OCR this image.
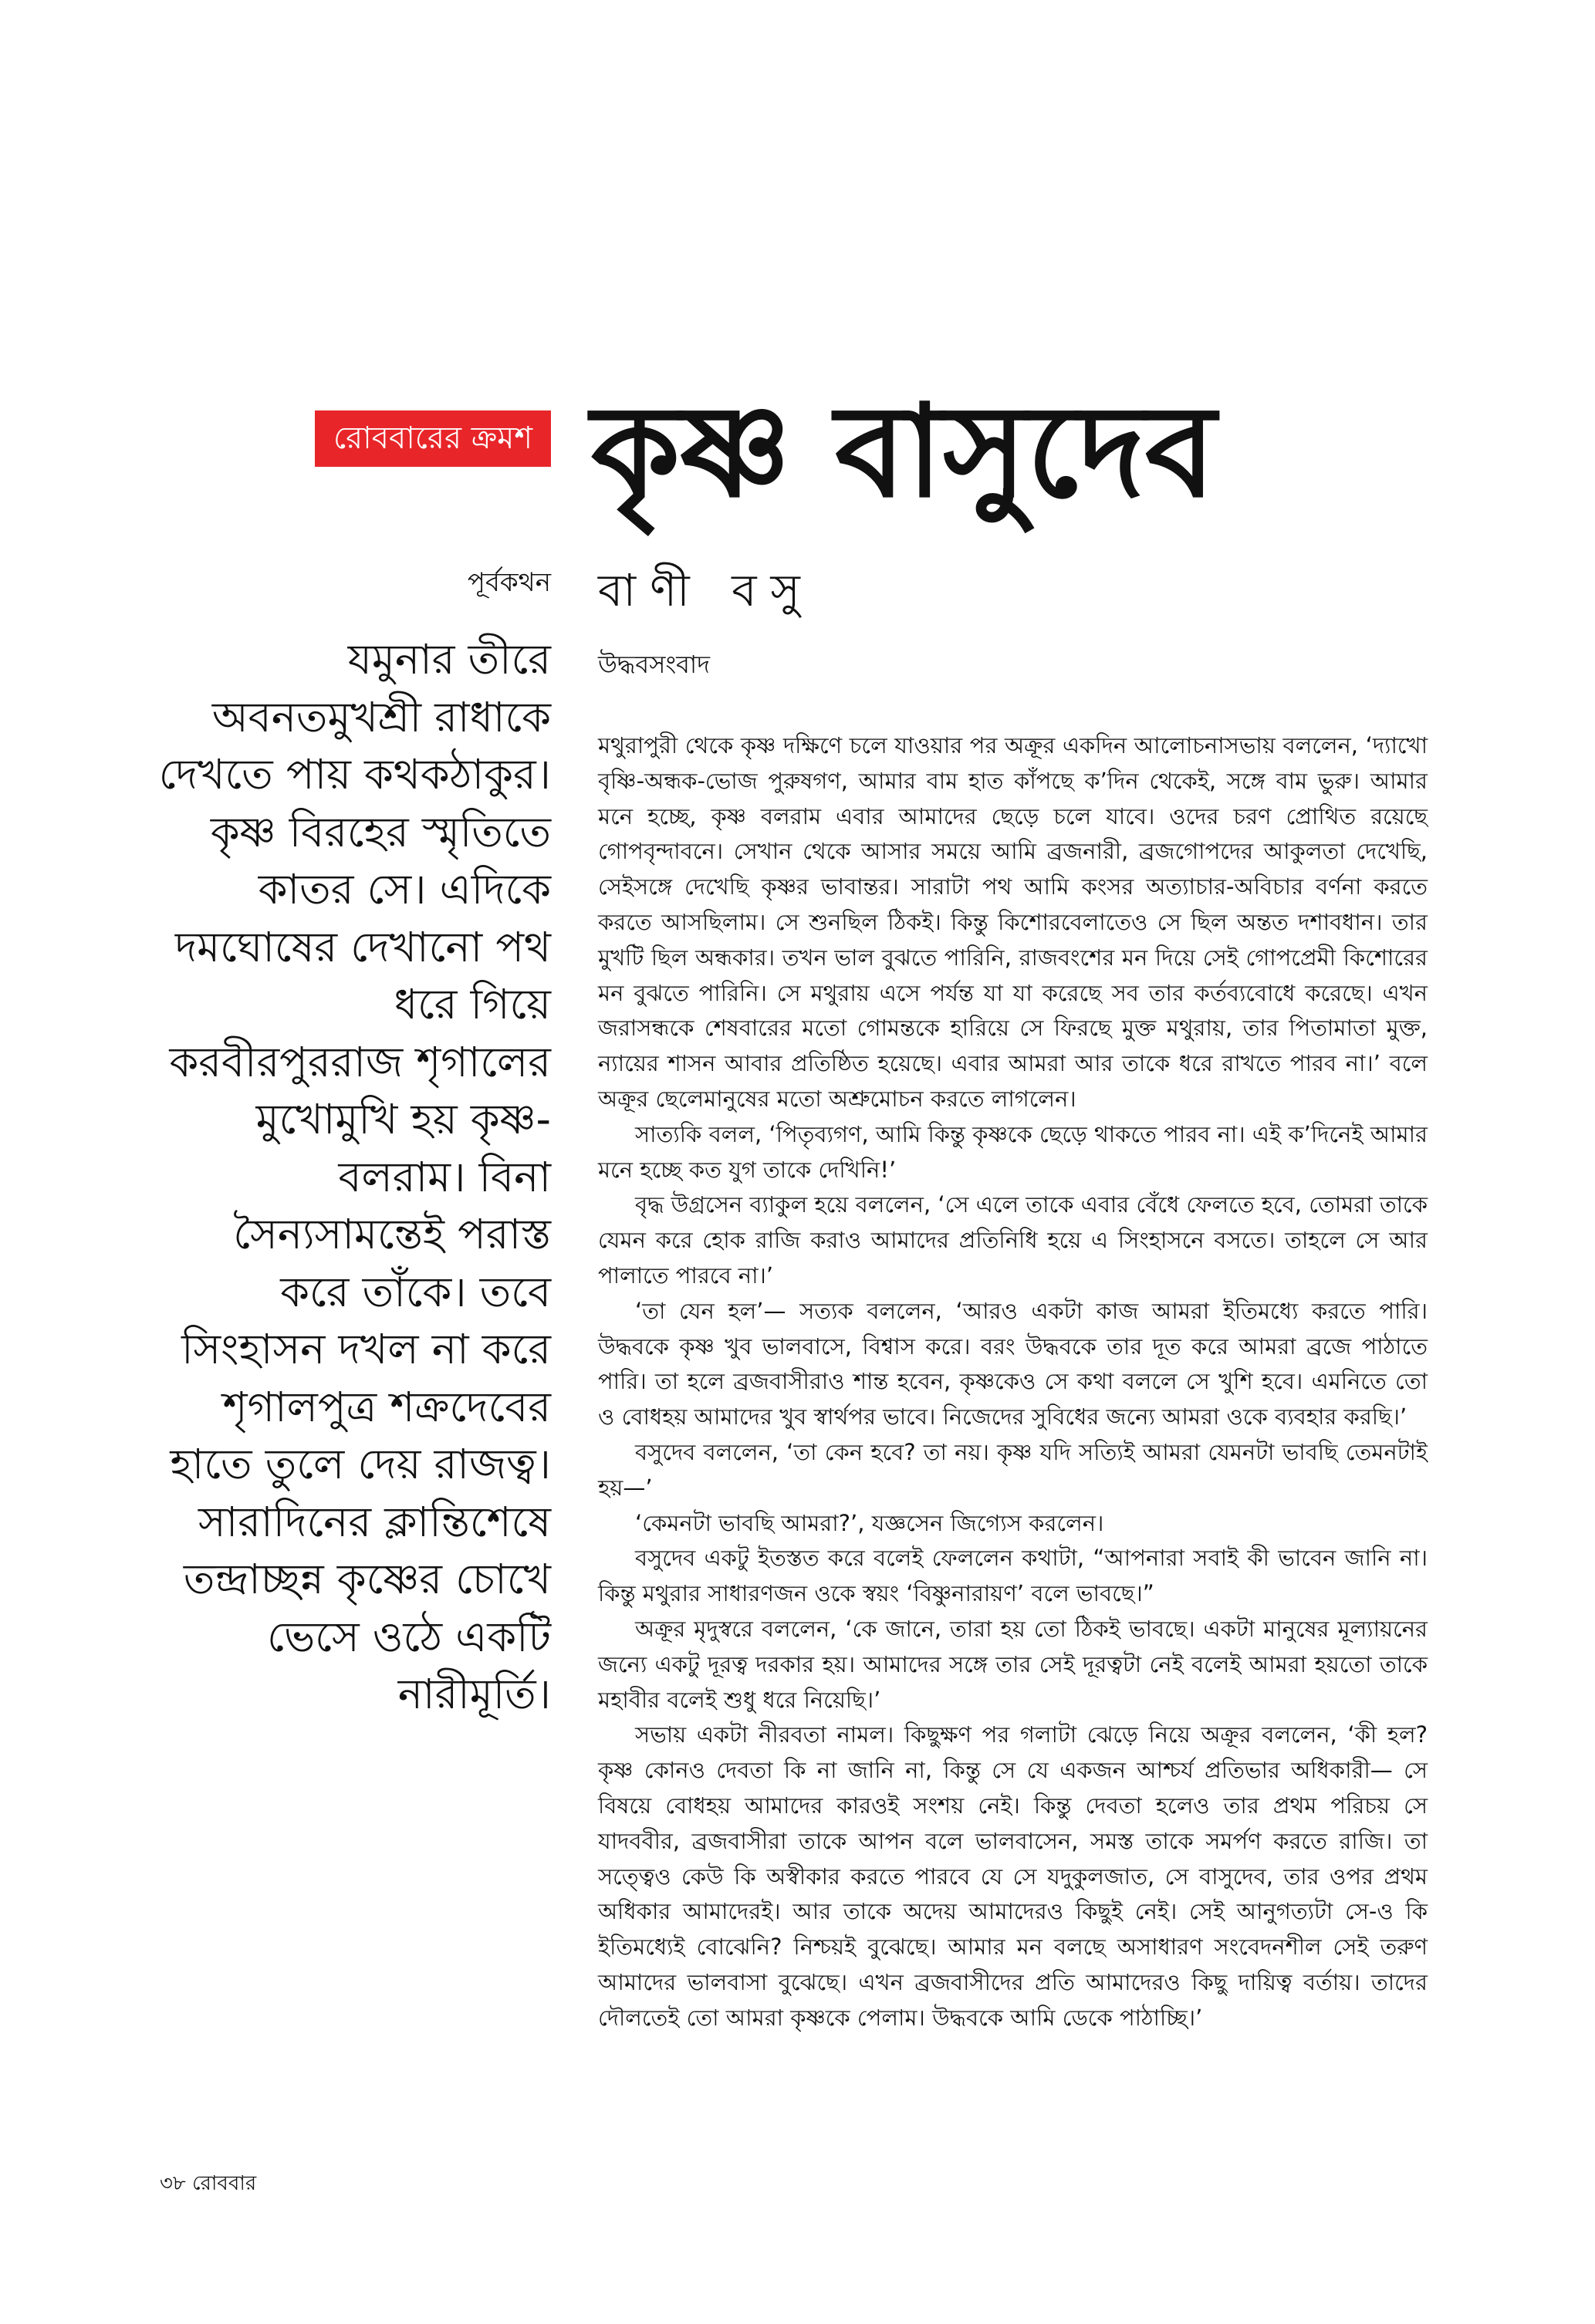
রোববারের ক্রমশ কৃষ্ণ বাসুদেব
পূর্বকথন বাণী বসু
উদ্ধবসংবাদ
যমুনার তীরে
অবনতমুখশ্রী রাধাকে
দেখতে পায় কথকঠাকুর।
কৃষ্ণ বিরহের স্মৃতিতে
কাতর সে। এদিকে
দমঘোষের দেখানো পথ
ধরে গিয়ে
করবীরপুররাজ শৃগালের
মুখোমুখি হয় কৃষ্ণ-
বলরাম। বিনা
সৈন্যসামন্তেই পরাস্ত
করে তাঁকে। তবে
সিংহাসন দখল না করে
শৃগালপুত্র শক্রদেবের
হাতে তুলে দেয় রাজত্ব।
সারাদিনের ক্লান্তিশেষে
তন্দ্রাচ্ছন্ন কৃষ্ণের চোখে
ভেসে ওঠে একটি
নারীমূর্তি।

মথুরাপুরী থেকে কৃষ্ণ দক্ষিণে চলে যাওয়ার পর অক্রূর একদিন আলোচনাসভায় বললেন, ‘দ্যাখো বৃষ্ণি-অন্ধক-ভোজ পুরুষগণ, আমার বাম হাত কাঁপছে ক’দিন থেকেই, সঙ্গে বাম ভুরু। আমার মনে হচ্ছে, কৃষ্ণ বলরাম এবার আমাদের ছেড়ে চলে যাবে। ওদের চরণ প্রোথিত রয়েছে গোপবৃন্দাবনে। সেখান থেকে আসার সময়ে আমি ব্রজনারী, ব্রজগোপদের আকুলতা দেখেছি, সেইসঙ্গে দেখেছি কৃষ্ণর ভাবান্তর। সারাটা পথ আমি কংসর অত্যাচার-অবিচার বর্ণনা করতে করতে আসছিলাম। সে শুনছিল ঠিকই। কিন্তু কিশোরবেলাতেও সে ছিল অন্তত দশাবধান। তার মুখটি ছিল অন্ধকার। তখন ভাল বুঝতে পারিনি, রাজবংশের মন দিয়ে সেই গোপপ্রেমী কিশোরের মন বুঝতে পারিনি। সে মথুরায় এসে পর্যন্ত যা যা করেছে সব তার কর্তব্যবোধে করেছে। এখন জরাসন্ধকে শেষবারের মতো গোমন্তকে হারিয়ে সে ফিরছে মুক্ত মথুরায়, তার পিতামাতা মুক্ত, ন্যায়ের শাসন আবার প্রতিষ্ঠিত হয়েছে। এবার আমরা আর তাকে ধরে রাখতে পারব না।’ বলে অক্রূর ছেলেমানুষের মতো অশ্রুমোচন করতে লাগলেন।

সাত্যকি বলল, ‘পিতৃব্যগণ, আমি কিন্তু কৃষ্ণকে ছেড়ে থাকতে পারব না। এই ক’দিনেই আমার মনে হচ্ছে কত যুগ তাকে দেখিনি!’

বৃদ্ধ উগ্রসেন ব্যাকুল হয়ে বললেন, ‘সে এলে তাকে এবার বেঁধে ফেলতে হবে, তোমরা তাকে যেমন করে হোক রাজি করাও আমাদের প্রতিনিধি হয়ে এ সিংহাসনে বসতে। তাহলে সে আর পালাতে পারবে না।’

‘তা যেন হল’— সত্যক বললেন, ‘আরও একটা কাজ আমরা ইতিমধ্যে করতে পারি। উদ্ধবকে কৃষ্ণ খুব ভালবাসে, বিশ্বাস করে। বরং উদ্ধবকে তার দূত করে আমরা ব্রজে পাঠাতে পারি। তা হলে ব্রজবাসীরাও শান্ত হবেন, কৃষ্ণকেও সে কথা বললে সে খুশি হবে। এমনিতে তো ও বোধহয় আমাদের খুব স্বার্থপর ভাবে। নিজেদের সুবিধের জন্যে আমরা ওকে ব্যবহার করছি।’

বসুদেব বললেন, ‘তা কেন হবে? তা নয়। কৃষ্ণ যদি সত্যিই আমরা যেমনটা ভাবছি তেমনটাই হয়—’

‘কেমনটা ভাবছি আমরা?’, যজ্ঞসেন জিগ্যেস করলেন।

বসুদেব একটু ইতস্তত করে বলেই ফেললেন কথাটা, “আপনারা সবাই কী ভাবেন জানি না। কিন্তু মথুরার সাধারণজন ওকে স্বয়ং ‘বিষ্ণুনারায়ণ’ বলে ভাবছে।”

অক্রূর মৃদুস্বরে বললেন, ‘কে জানে, তারা হয় তো ঠিকই ভাবছে। একটা মানুষের মূল্যায়নের জন্যে একটু দূরত্ব দরকার হয়। আমাদের সঙ্গে তার সেই দূরত্বটা নেই বলেই আমরা হয়তো তাকে মহাবীর বলেই শুধু ধরে নিয়েছি।’

সভায় একটা নীরবতা নামল। কিছুক্ষণ পর গলাটা ঝেড়ে নিয়ে অক্রূর বললেন, ‘কী হল? কৃষ্ণ কোনও দেবতা কি না জানি না, কিন্তু সে যে একজন আশ্চর্য প্রতিভার অধিকারী— সে বিষয়ে বোধহয় আমাদের কারওই সংশয় নেই। কিন্তু দেবতা হলেও তার প্রথম পরিচয় সে যাদববীর, ব্রজবাসীরা তাকে আপন বলে ভালবাসেন, সমস্ত তাকে সমর্পণ করতে রাজি। তা সত্ত্বেও কেউ কি অস্বীকার করতে পারবে যে সে যদুকুলজাত, সে বাসুদেব, তার ওপর প্রথম অধিকার আমাদেরই। আর তাকে অদেয় আমাদেরও কিছুই নেই। সেই আনুগত্যটা সে-ও কি ইতিমধ্যেই বোঝেনি? নিশ্চয়ই বুঝেছে। আমার মন বলছে অসাধারণ সংবেদনশীল সেই তরুণ আমাদের ভালবাসা বুঝেছে। এখন ব্রজবাসীদের প্রতি আমাদেরও কিছু দায়িত্ব বর্তায়। তাদের দৌলতেই তো আমরা কৃষ্ণকে পেলাম। উদ্ধবকে আমি ডেকে পাঠাচ্ছি।’

৩৮ রোববার
